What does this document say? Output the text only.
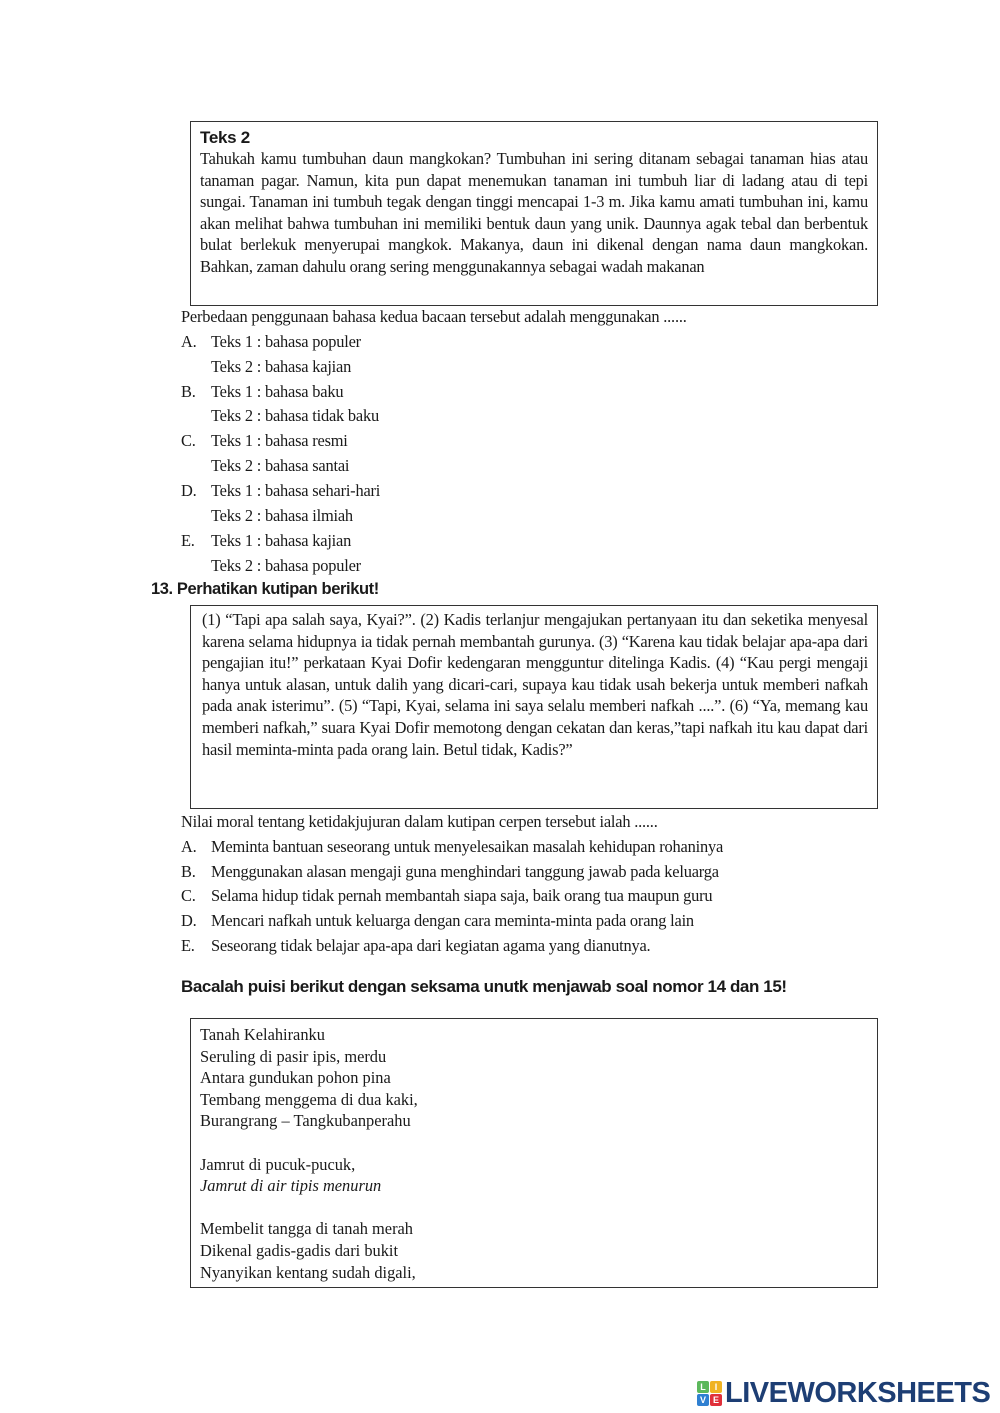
Teks 2

Tahukah kamu tumbuhan daun mangkokan? Tumbuhan ini sering ditanam sebagai tanaman hias atau tanaman pagar. Namun, kita pun dapat menemukan tanaman ini tumbuh liar di ladang atau di tepi sungai. Tanaman ini tumbuh tegak dengan tinggi mencapai 1-3 m. Jika kamu amati tumbuhan ini, kamu akan melihat bahwa tumbuhan ini memiliki bentuk daun yang unik. Daunnya agak tebal dan berbentuk bulat berlekuk menyerupai mangkok. Makanya, daun ini dikenal dengan nama daun mangkokan. Bahkan, zaman dahulu orang sering menggunakannya sebagai wadah makanan

Perbedaan penggunaan bahasa kedua bacaan tersebut adalah menggunakan ......
A. Teks 1 : bahasa populer
Teks 2 : bahasa kajian
B. Teks 1 : bahasa baku
Teks 2 : bahasa tidak baku
C. Teks 1 : bahasa resmi
Teks 2 : bahasa santai
D. Teks 1 : bahasa sehari-hari
Teks 2 : bahasa ilmiah
E. Teks 1 : bahasa kajian
Teks 2 : bahasa populer
13. Perhatikan kutipan berikut!

(1) “Tapi apa salah saya, Kyai?”. (2) Kadis terlanjur mengajukan pertanyaan itu dan seketika menyesal karena selama hidupnya ia tidak pernah membantah gurunya. (3) “Karena kau tidak belajar apa-apa dari pengajian itu!” perkataan Kyai Dofir kedengaran mengguntur ditelinga Kadis. (4) “Kau pergi mengaji hanya untuk alasan, untuk dalih yang dicari-cari, supaya kau tidak usah bekerja untuk memberi nafkah pada anak isterimu”. (5) “Tapi, Kyai, selama ini saya selalu memberi nafkah ....”. (6) “Ya, memang kau memberi nafkah,” suara Kyai Dofir memotong dengan cekatan dan keras,”tapi nafkah itu kau dapat dari hasil meminta-minta pada orang lain. Betul tidak, Kadis?”

Nilai moral tentang ketidakjujuran dalam kutipan cerpen tersebut ialah ......
A. Meminta bantuan seseorang untuk menyelesaikan masalah kehidupan rohaninya
B. Menggunakan alasan mengaji guna menghindari tanggung jawab pada keluarga
C. Selama hidup tidak pernah membantah siapa saja, baik orang tua maupun guru
D. Mencari nafkah untuk keluarga dengan cara meminta-minta pada orang lain
E. Seseorang tidak belajar apa-apa dari kegiatan agama yang dianutnya.
Bacalah puisi berikut dengan seksama unutk menjawab soal nomor 14 dan 15!
Tanah Kelahiranku
Seruling di pasir ipis, merdu
Antara gundukan pohon pina
Tembang menggema di dua kaki,
Burangrang – Tangkubanperahu
Jamrut di pucuk-pucuk,
Jamrut di air tipis menurun
Membelit tangga di tanah merah
Dikenal gadis-gadis dari bukit
Nyanyikan kentang sudah digali,
L I
V E LIVEWORKSHEETS
